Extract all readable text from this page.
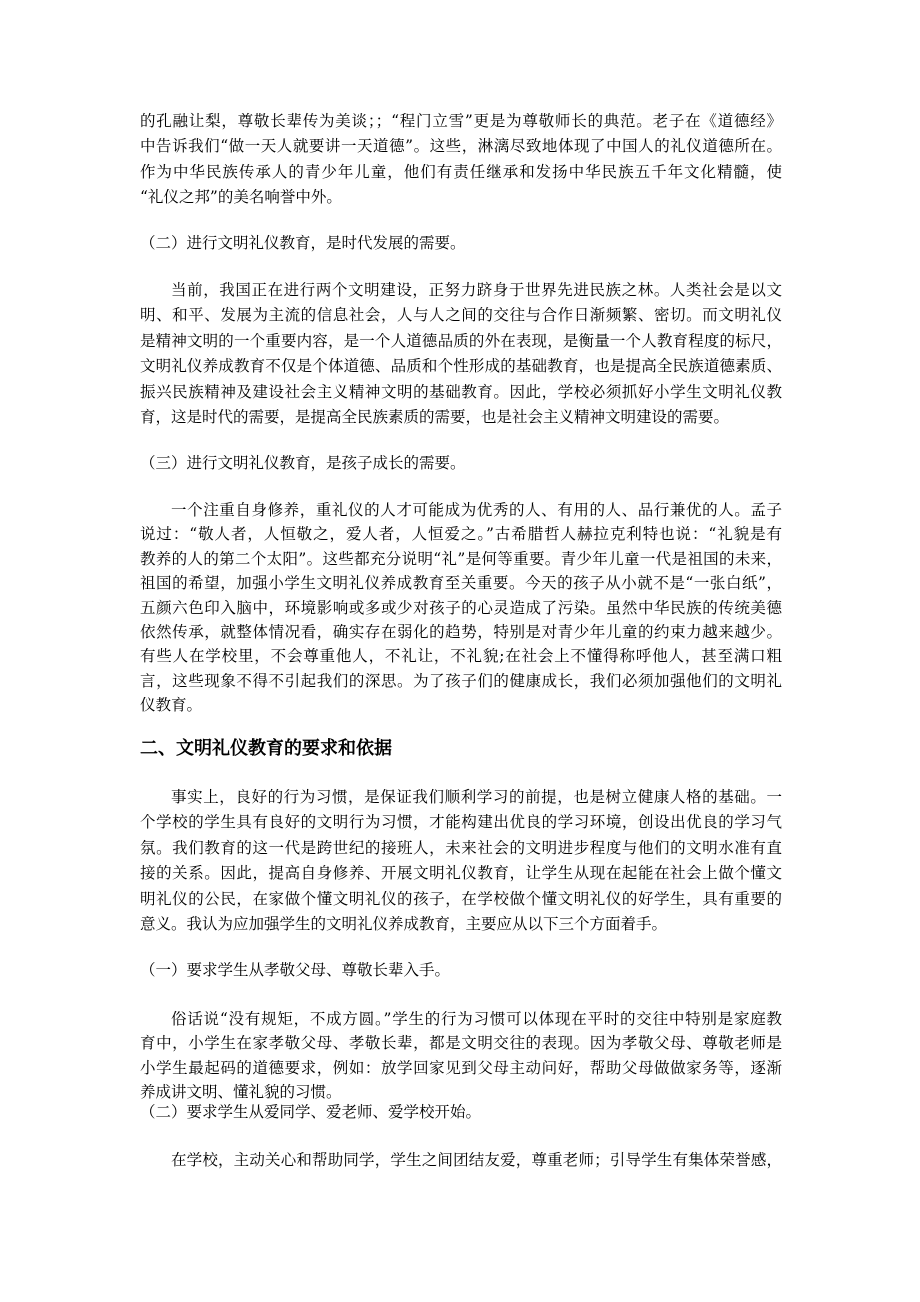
的孔融让梨，尊敬长辈传为美谈；；“程门立雪”更是为尊敬师长的典范。老子在《道德经》
中告诉我们“做一天人就要讲一天道德”。这些，淋漓尽致地体现了中国人的礼仪道德所在。
作为中华民族传承人的青少年儿童，他们有责任继承和发扬中华民族五千年文化精髓，使
“礼仪之邦”的美名响誉中外。
（二）进行文明礼仪教育，是时代发展的需要。
当前，我国正在进行两个文明建设，正努力跻身于世界先进民族之林。人类社会是以文
明、和平、发展为主流的信息社会，人与人之间的交往与合作日渐频繁、密切。而文明礼仪
是精神文明的一个重要内容，是一个人道德品质的外在表现，是衡量一个人教育程度的标尺，
文明礼仪养成教育不仅是个体道德、品质和个性形成的基础教育，也是提高全民族道德素质、
振兴民族精神及建设社会主义精神文明的基础教育。因此，学校必须抓好小学生文明礼仪教
育，这是时代的需要，是提高全民族素质的需要，也是社会主义精神文明建设的需要。
（三）进行文明礼仪教育，是孩子成长的需要。
一个注重自身修养，重礼仪的人才可能成为优秀的人、有用的人、品行兼优的人。孟子
说过：“敬人者，人恒敬之，爱人者，人恒爱之。”古希腊哲人赫拉克利特也说：“礼貌是有
教养的人的第二个太阳”。这些都充分说明“礼”是何等重要。青少年儿童一代是祖国的未来，
祖国的希望，加强小学生文明礼仪养成教育至关重要。今天的孩子从小就不是“一张白纸”，
五颜六色印入脑中，环境影响或多或少对孩子的心灵造成了污染。虽然中华民族的传统美德
依然传承，就整体情况看，确实存在弱化的趋势，特别是对青少年儿童的约束力越来越少。
有些人在学校里，不会尊重他人，不礼让，不礼貌;在社会上不懂得称呼他人，甚至满口粗
言，这些现象不得不引起我们的深思。为了孩子们的健康成长，我们必须加强他们的文明礼
仪教育。
二、文明礼仪教育的要求和依据
事实上，良好的行为习惯，是保证我们顺利学习的前提，也是树立健康人格的基础。一
个学校的学生具有良好的文明行为习惯，才能构建出优良的学习环境，创设出优良的学习气
氛。我们教育的这一代是跨世纪的接班人，未来社会的文明进步程度与他们的文明水准有直
接的关系。因此，提高自身修养、开展文明礼仪教育，让学生从现在起能在社会上做个懂文
明礼仪的公民，在家做个懂文明礼仪的孩子，在学校做个懂文明礼仪的好学生，具有重要的
意义。我认为应加强学生的文明礼仪养成教育，主要应从以下三个方面着手。
（一）要求学生从孝敬父母、尊敬长辈入手。
俗话说“没有规矩，不成方圆。”学生的行为习惯可以体现在平时的交往中特别是家庭教
育中，小学生在家孝敬父母、孝敬长辈，都是文明交往的表现。因为孝敬父母、尊敬老师是
小学生最起码的道德要求，例如：放学回家见到父母主动问好，帮助父母做做家务等，逐渐
养成讲文明、懂礼貌的习惯。
（二）要求学生从爱同学、爱老师、爱学校开始。
在学校，主动关心和帮助同学，学生之间团结友爱，尊重老师；引导学生有集体荣誉感，
